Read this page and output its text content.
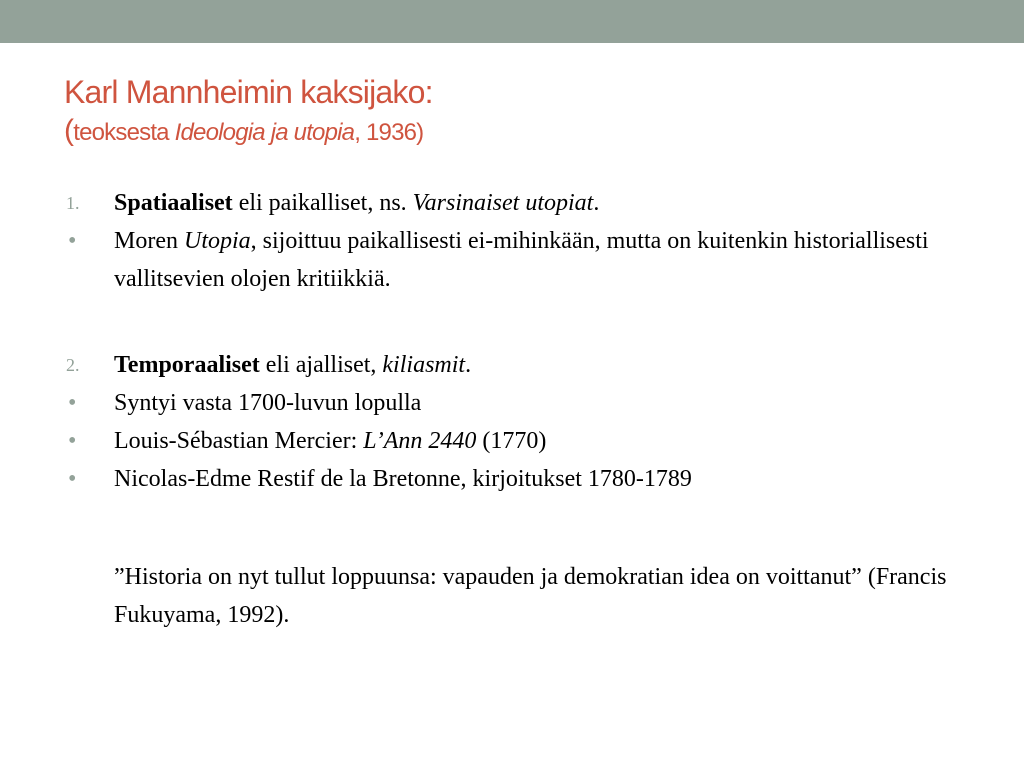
Karl Mannheimin kaksijako:
(teoksesta Ideologia ja utopia, 1936)
1. Spatiaaliset eli paikalliset, ns. Varsinaiset utopiat.
• Moren Utopia, sijoittuu paikallisesti ei-mihinkään, mutta on kuitenkin historiallisesti vallitsevien olojen kritiikkiä.
2. Temporaaliset eli ajalliset, kiliasmit.
• Syntyi vasta 1700-luvun lopulla
• Louis-Sébastian Mercier: L’Ann 2440 (1770)
• Nicolas-Edme Restif de la Bretonne, kirjoitukset 1780-1789
”Historia on nyt tullut loppuunsa: vapauden ja demokratian idea on voittanut” (Francis Fukuyama, 1992).
